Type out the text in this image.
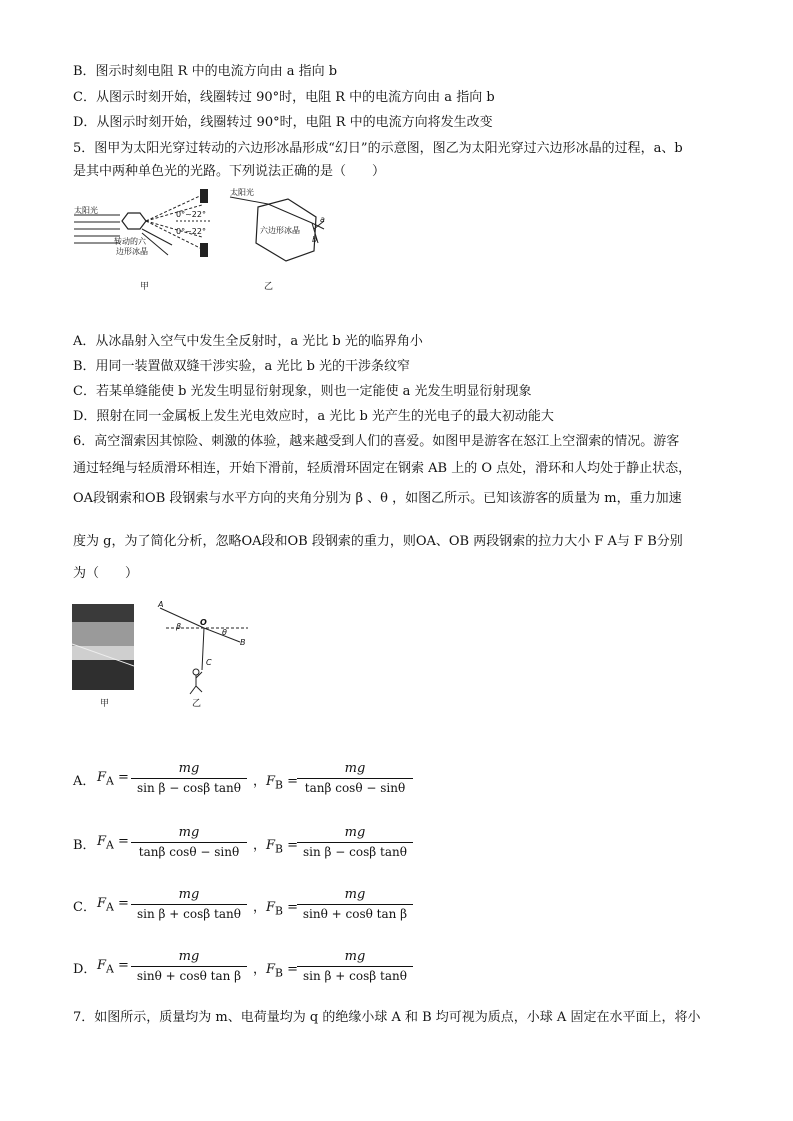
B．图示时刻电阻 R 中的电流方向由 a 指向 b
C．从图示时刻开始，线圈转过 90°时，电阻 R 中的电流方向由 a 指向 b
D．从图示时刻开始，线圈转过 90°时，电阻 R 中的电流方向将发生改变
5．图甲为太阳光穿过转动的六边形冰晶形成“幻日”的示意图，图乙为太阳光穿过六边形冰晶的过程，a、b
是其中两种单色光的光路。下列说法正确的是（　　）
太阳光
转动的六
边形冰晶
0°~22°
0°~22°
甲
太阳光
六边形冰晶
a
b
乙
A．从冰晶射入空气中发生全反射时，a 光比 b 光的临界角小
B．用同一装置做双缝干涉实验，a 光比 b 光的干涉条纹窄
C．若某单缝能使 b 光发生明显衍射现象，则也一定能使 a 光发生明显衍射现象
D．照射在同一金属板上发生光电效应时，a 光比 b 光产生的光电子的最大初动能大
6．高空溜索因其惊险、刺激的体验，越来越受到人们的喜爱。如图甲是游客在怒江上空溜索的情况。游客
通过轻绳与轻质滑环相连，开始下滑前，轻质滑环固定在钢索 AB 上的 O 点处，滑环和人均处于静止状态，
OA段钢索和OB 段钢索与水平方向的夹角分别为 β 、θ ，如图乙所示。已知该游客的质量为 m，重力加速
度为 g，为了简化分析，忽略OA段和OB 段钢索的重力，则OA、OB 两段钢索的拉力大小 F A与 F B分别
为（　　）
甲
A
β O
θ
B
C
乙
A． $F_A$ =
mg
sin β − cosβ tanθ ，$F_B$ =
mg
tanβ cosθ − sinθ
B． $F_A$ =
mg
tanβ cosθ − sinθ	，$F_B$ =
mg
sin β − cosβ tanθ
C． $F_A$ =
mg
sin β + cosβ tanθ ，$F_B$ =
mg
sinθ + cosθ tan β
D． $F_A$ =
mg
sinθ + cosθ tan β ，$F_B$ =
mg
sin β + cosβ tanθ
7．如图所示，质量均为 m、电荷量均为 q 的绝缘小球 A 和 B 均可视为质点，小球 A 固定在水平面上，将小
